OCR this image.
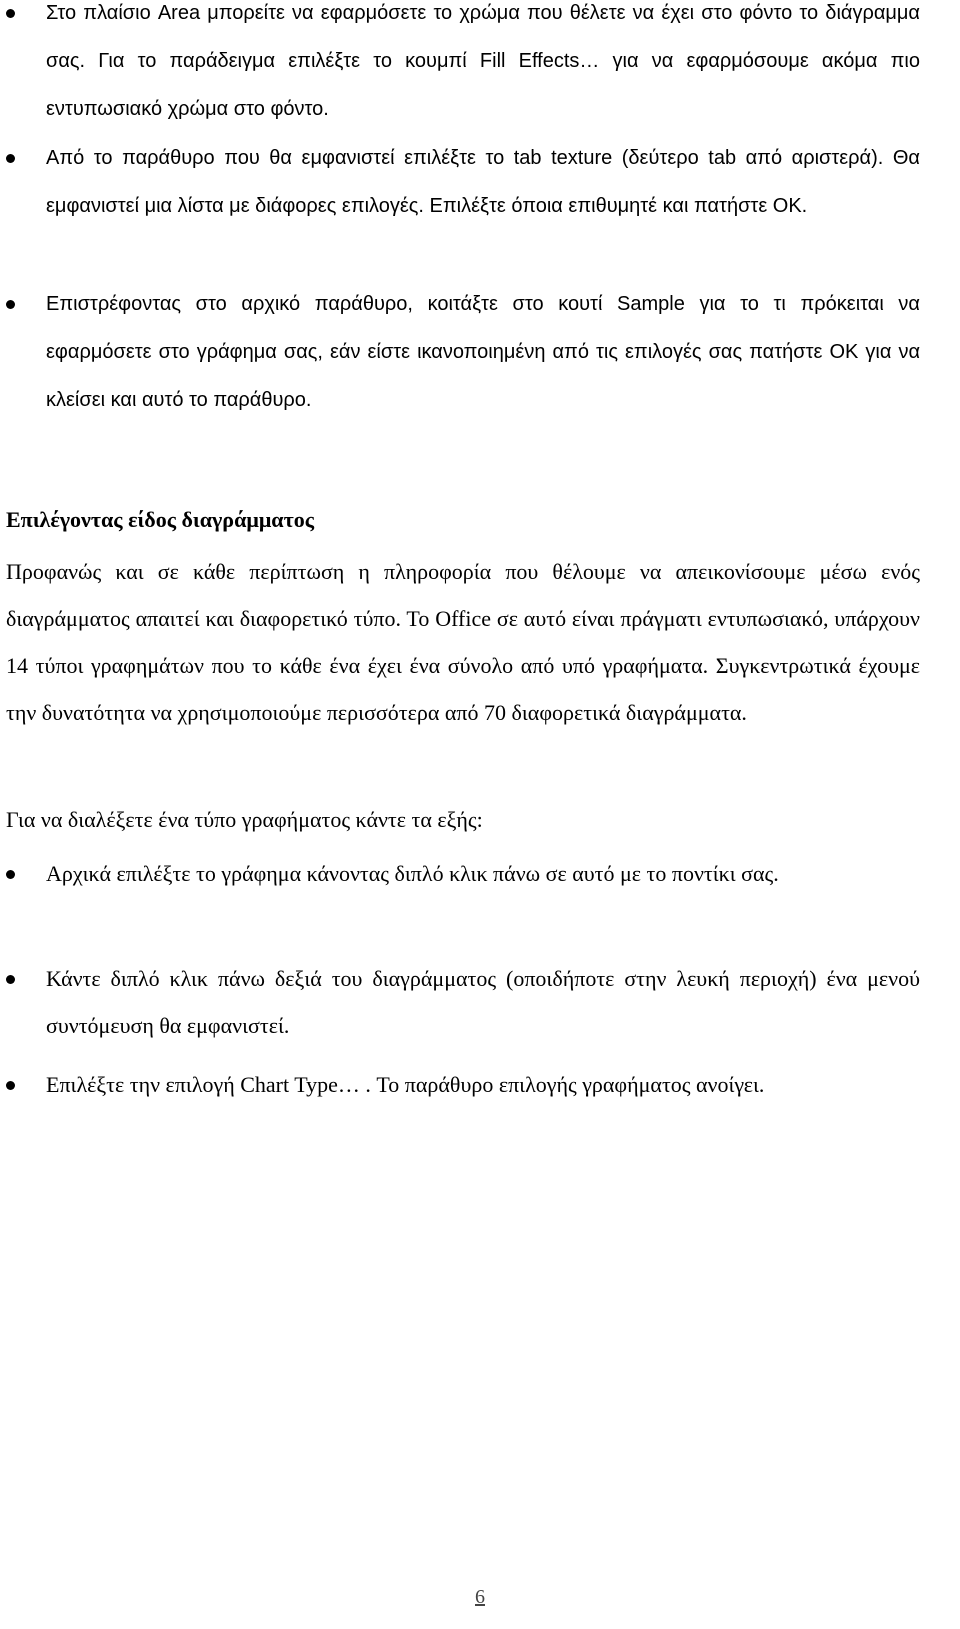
Στο πλαίσιο Area μπορείτε να εφαρμόσετε το χρώμα που θέλετε να έχει στο φόντο το διάγραμμα σας. Για το παράδειγμα επιλέξτε το κουμπί Fill Effects… για να εφαρμόσουμε ακόμα πιο εντυπωσιακό χρώμα στο φόντο.

Από το παράθυρο που θα εμφανιστεί επιλέξτε το tab texture (δεύτερο tab από αριστερά). Θα εμφανιστεί μια λίστα με διάφορες επιλογές. Επιλέξτε όποια επιθυμητέ και πατήστε OK.

Επιστρέφοντας στο αρχικό παράθυρο, κοιτάξτε στο κουτί Sample για το τι πρόκειται να εφαρμόσετε στο γράφημα σας, εάν είστε ικανοποιημένη από τις επιλογές σας πατήστε OK για να κλείσει και αυτό το παράθυρο.

Επιλέγοντας είδος διαγράμματος

Προφανώς και σε κάθε περίπτωση η πληροφορία που θέλουμε να απεικονίσουμε μέσω ενός διαγράμματος απαιτεί και διαφορετικό τύπο. Το Office σε αυτό είναι πράγματι εντυπωσιακό, υπάρχουν 14 τύποι γραφημάτων που το κάθε ένα έχει ένα σύνολο από υπό γραφήματα. Συγκεντρωτικά έχουμε την δυνατότητα να χρησιμοποιούμε περισσότερα από 70 διαφορετικά διαγράμματα.

Για να διαλέξετε ένα τύπο γραφήματος κάντε τα εξής:

Αρχικά επιλέξτε το γράφημα κάνοντας διπλό κλικ πάνω σε αυτό με το ποντίκι σας.

Κάντε διπλό κλικ πάνω δεξιά του διαγράμματος (οποιδήποτε στην λευκή περιοχή) ένα μενού συντόμευση θα εμφανιστεί.

Επιλέξτε την επιλογή Chart Type… . Το παράθυρο επιλογής γραφήματος ανοίγει.

6
